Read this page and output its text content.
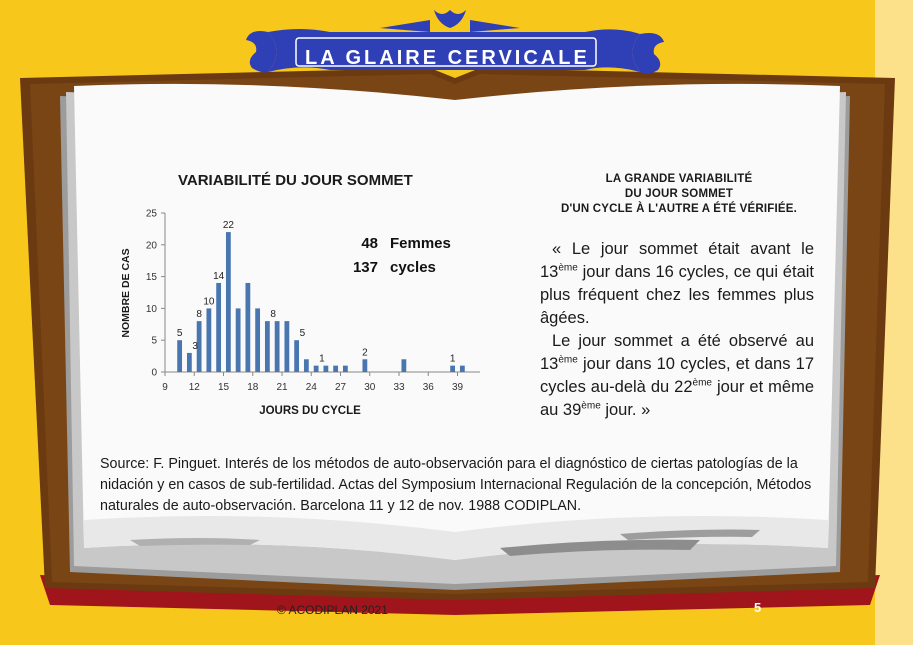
LA GLAIRE CERVICALE
VARIABILITÉ DU JOUR SOMMET
NOMBRE DE CAS
JOURS DU CYCLE
0
5
10
15
20
25
9 12 15 18 21 24 27 30 33 36 39
5
3
8
10
14
22
8
5
1
2
1
48 Femmes
137 cycles
LA GRANDE VARIABILITÉ
DU JOUR SOMMET
D'UN CYCLE À L'AUTRE A ÉTÉ VÉRIFIÉE.

« Le jour sommet était avant le 13ème jour dans 16 cycles, ce qui était plus fréquent chez les femmes plus âgées.

Le jour sommet a été observé au 13ème jour dans 10 cycles, et dans 17 cycles au-delà du 22ème jour et même au 39ème jour. »

Source: F. Pinguet. Interés de los métodos de auto-observación para el diagnóstico de ciertas patologías de la nidación y en casos de sub-fertilidad. Actas del Symposium Internacional Regulación de la concepción, Métodos naturales de auto-observación. Barcelona 11 y 12 de nov. 1988 CODIPLAN.
© ACODIPLAN 2021	5
